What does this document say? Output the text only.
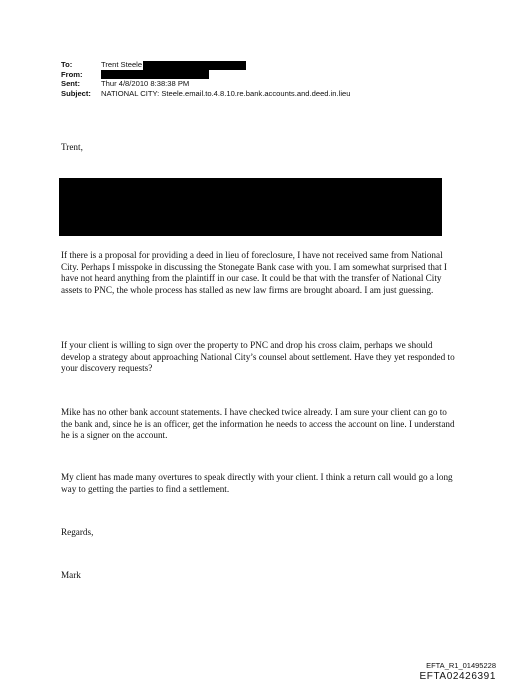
To:	Trent Steele
From:
Sent:	Thur 4/8/2010 8:38:38 PM
Subject:	NATIONAL CITY: Steele.email.to.4.8.10.re.bank.accounts.and.deed.in.lieu

Trent,

If there is a proposal for providing a deed in lieu of foreclosure, I have not received same from National City. Perhaps I misspoke in discussing the Stonegate Bank case with you. I am somewhat surprised that I have not heard anything from the plaintiff in our case. It could be that with the transfer of National City assets to PNC, the whole process has stalled as new law firms are brought aboard. I am just guessing.

If your client is willing to sign over the property to PNC and drop his cross claim, perhaps we should develop a strategy about approaching National City’s counsel about settlement. Have they yet responded to your discovery requests?

Mike has no other bank account statements. I have checked twice already. I am sure your client can go to the bank and, since he is an officer, get the information he needs to access the account on line. I understand he is a signer on the account.

My client has made many overtures to speak directly with your client. I think a return call would go a long way to getting the parties to find a settlement.

Regards,

Mark

EFTA_R1_01495228
EFTA02426391
